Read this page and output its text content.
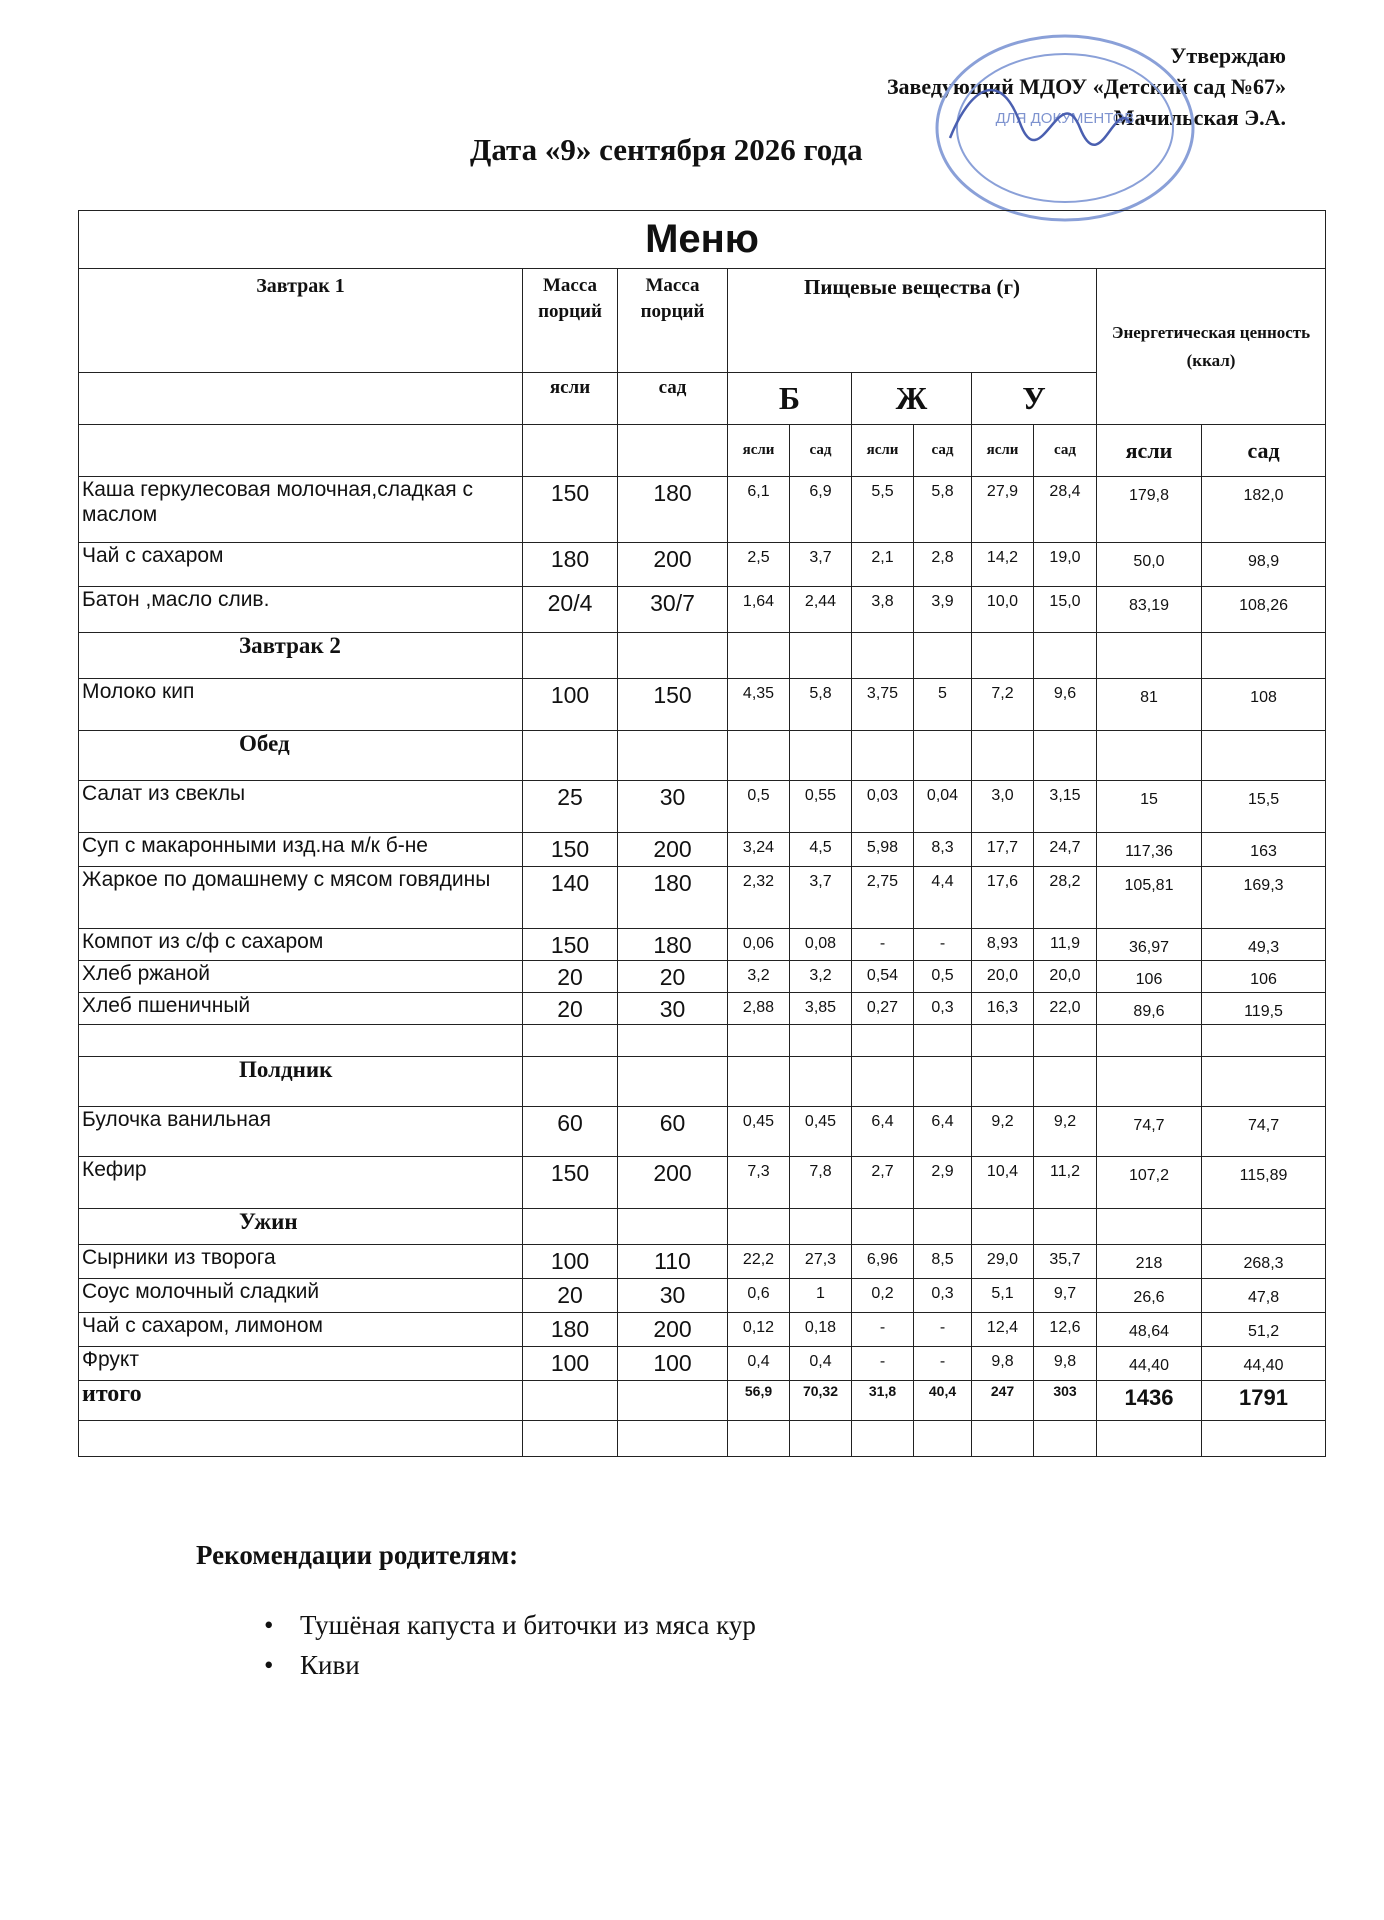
Утверждаю
Заведующий МДОУ «Детский сад №67»
Мачильская Э.А.
ДЛЯ ДОКУМЕНТОВ
Дата «9» сентября 2026 года
Меню										
Завтрак 1	Масса порций	Масса порций	Пищевые вещества (г)						Энергетическая ценность (ккал)	
	ясли	сад	Б		Ж		У			
			ясли	сад	ясли	сад	ясли	сад	ясли	сад
Каша геркулесовая молочная,сладкая с маслом	150	180	6,1	6,9	5,5	5,8	27,9	28,4	179,8	182,0
Чай с сахаром	180	200	2,5	3,7	2,1	2,8	14,2	19,0	50,0	98,9
Батон ,масло слив.	20/4	30/7	1,64	2,44	3,8	3,9	10,0	15,0	83,19	108,26
Завтрак 2										
Молоко кип	100	150	4,35	5,8	3,75	5	7,2	9,6	81	108
Обед										
Салат из свеклы	25	30	0,5	0,55	0,03	0,04	3,0	3,15	15	15,5
Суп с макаронными изд.на м/к б-не	150	200	3,24	4,5	5,98	8,3	17,7	24,7	117,36	163
Жаркое по домашнему с мясом говядины	140	180	2,32	3,7	2,75	4,4	17,6	28,2	105,81	169,3
Компот из с/ф с сахаром	150	180	0,06	0,08	-	-	8,93	11,9	36,97	49,3
Хлеб ржаной	20	20	3,2	3,2	0,54	0,5	20,0	20,0	106	106
Хлеб пшеничный	20	30	2,88	3,85	0,27	0,3	16,3	22,0	89,6	119,5

Полдник										
Булочка ванильная	60	60	0,45	0,45	6,4	6,4	9,2	9,2	74,7	74,7
Кефир	150	200	7,3	7,8	2,7	2,9	10,4	11,2	107,2	115,89
Ужин										
Сырники из творога	100	110	22,2	27,3	6,96	8,5	29,0	35,7	218	268,3
Соус молочный сладкий	20	30	0,6	1	0,2	0,3	5,1	9,7	26,6	47,8
Чай с сахаром, лимоном	180	200	0,12	0,18	-	-	12,4	12,6	48,64	51,2
Фрукт	100	100	0,4	0,4	-	-	9,8	9,8	44,40	44,40
итого			56,9	70,32	31,8	40,4	247	303	1436	1791

Рекомендации родителям:
• Тушёная капуста и биточки из мяса кур
• Киви
